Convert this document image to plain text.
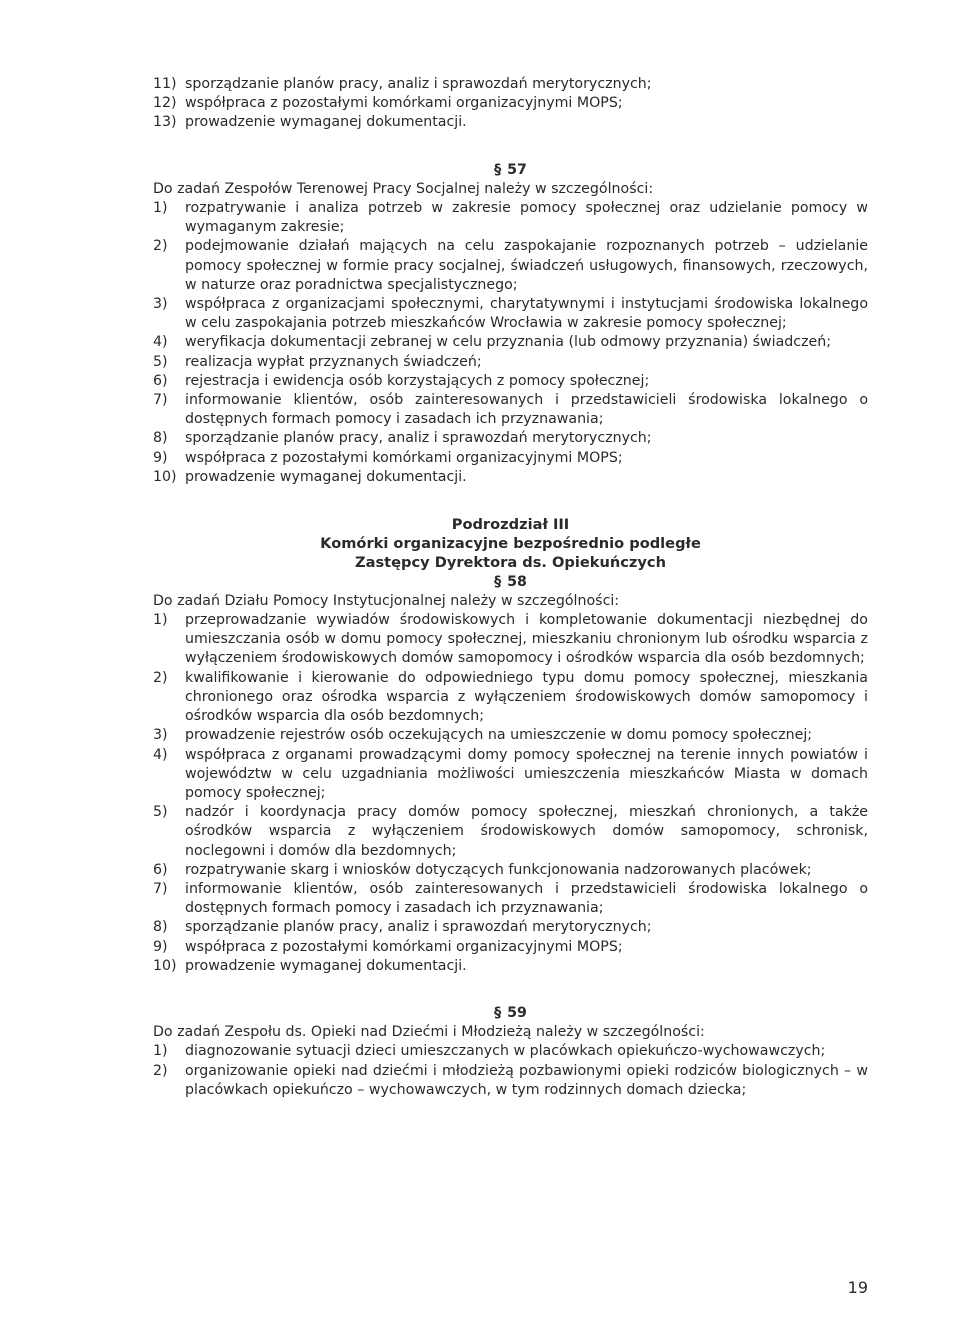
11) sporządzanie planów pracy, analiz i sprawozdań merytorycznych;
12) współpraca z pozostałymi komórkami organizacyjnymi MOPS;
13) prowadzenie wymaganej dokumentacji.
§ 57

Do zadań Zespołów Terenowej Pracy Socjalnej należy w szczególności:

1)	rozpatrywanie i analiza potrzeb w zakresie pomocy społecznej oraz udzielanie pomocy w wymaganym zakresie;
2)	podejmowanie działań mających na celu zaspokajanie rozpoznanych potrzeb – udzielanie pomocy społecznej w formie pracy socjalnej, świadczeń usługowych, finansowych, rzeczowych, w naturze oraz poradnictwa specjalistycznego;
3)	współpraca z organizacjami społecznymi, charytatywnymi i instytucjami środowiska lokalnego w celu zaspokajania potrzeb mieszkańców Wrocławia w zakresie pomocy społecznej;
4)	weryfikacja dokumentacji zebranej w celu przyznania (lub odmowy przyznania) świadczeń;
5)	realizacja wypłat przyznanych świadczeń;
6)	rejestracja i ewidencja osób korzystających z pomocy społecznej;
7)	informowanie klientów, osób zainteresowanych i przedstawicieli środowiska lokalnego o dostępnych formach pomocy i zasadach ich przyznawania;
8)	sporządzanie planów pracy, analiz i sprawozdań merytorycznych;
9)	współpraca z pozostałymi komórkami organizacyjnymi MOPS;
10) prowadzenie wymaganej dokumentacji.
Podrozdział III
Komórki organizacyjne bezpośrednio podległe
Zastępcy Dyrektora ds. Opiekuńczych
§ 58

Do zadań Działu Pomocy Instytucjonalnej należy w szczególności:

1)	przeprowadzanie wywiadów środowiskowych i kompletowanie dokumentacji niezbędnej do umieszczania osób w domu pomocy społecznej, mieszkaniu chronionym lub ośrodku wsparcia z wyłączeniem środowiskowych domów samopomocy i ośrodków wsparcia dla osób bezdomnych;
2)	kwalifikowanie i kierowanie do odpowiedniego typu domu pomocy społecznej, mieszkania chronionego oraz ośrodka wsparcia z wyłączeniem środowiskowych domów samopomocy i ośrodków wsparcia dla osób bezdomnych;
3)	prowadzenie rejestrów osób oczekujących na umieszczenie w domu pomocy społecznej;
4)	współpraca z organami prowadzącymi domy pomocy społecznej na terenie innych powiatów i województw w celu uzgadniania możliwości umieszczenia mieszkańców Miasta w domach pomocy społecznej;
5)	nadzór i koordynacja pracy domów pomocy społecznej, mieszkań chronionych, a także ośrodków wsparcia z wyłączeniem środowiskowych domów samopomocy, schronisk, noclegowni i domów dla bezdomnych;
6)	rozpatrywanie skarg i wniosków dotyczących funkcjonowania nadzorowanych placówek;
7)	informowanie klientów, osób zainteresowanych i przedstawicieli środowiska lokalnego o dostępnych formach pomocy i zasadach ich przyznawania;
8)	sporządzanie planów pracy, analiz i sprawozdań merytorycznych;
9)	współpraca z pozostałymi komórkami organizacyjnymi MOPS;
10) prowadzenie wymaganej dokumentacji.
§ 59

Do zadań Zespołu ds. Opieki nad Dziećmi i Młodzieżą należy w szczególności:

1)	diagnozowanie sytuacji dzieci umieszczanych w placówkach opiekuńczo-wychowawczych;
2)	organizowanie opieki nad dziećmi i młodzieżą pozbawionymi opieki rodziców biologicznych – w placówkach opiekuńczo – wychowawczych, w tym rodzinnych domach dziecka;
19
